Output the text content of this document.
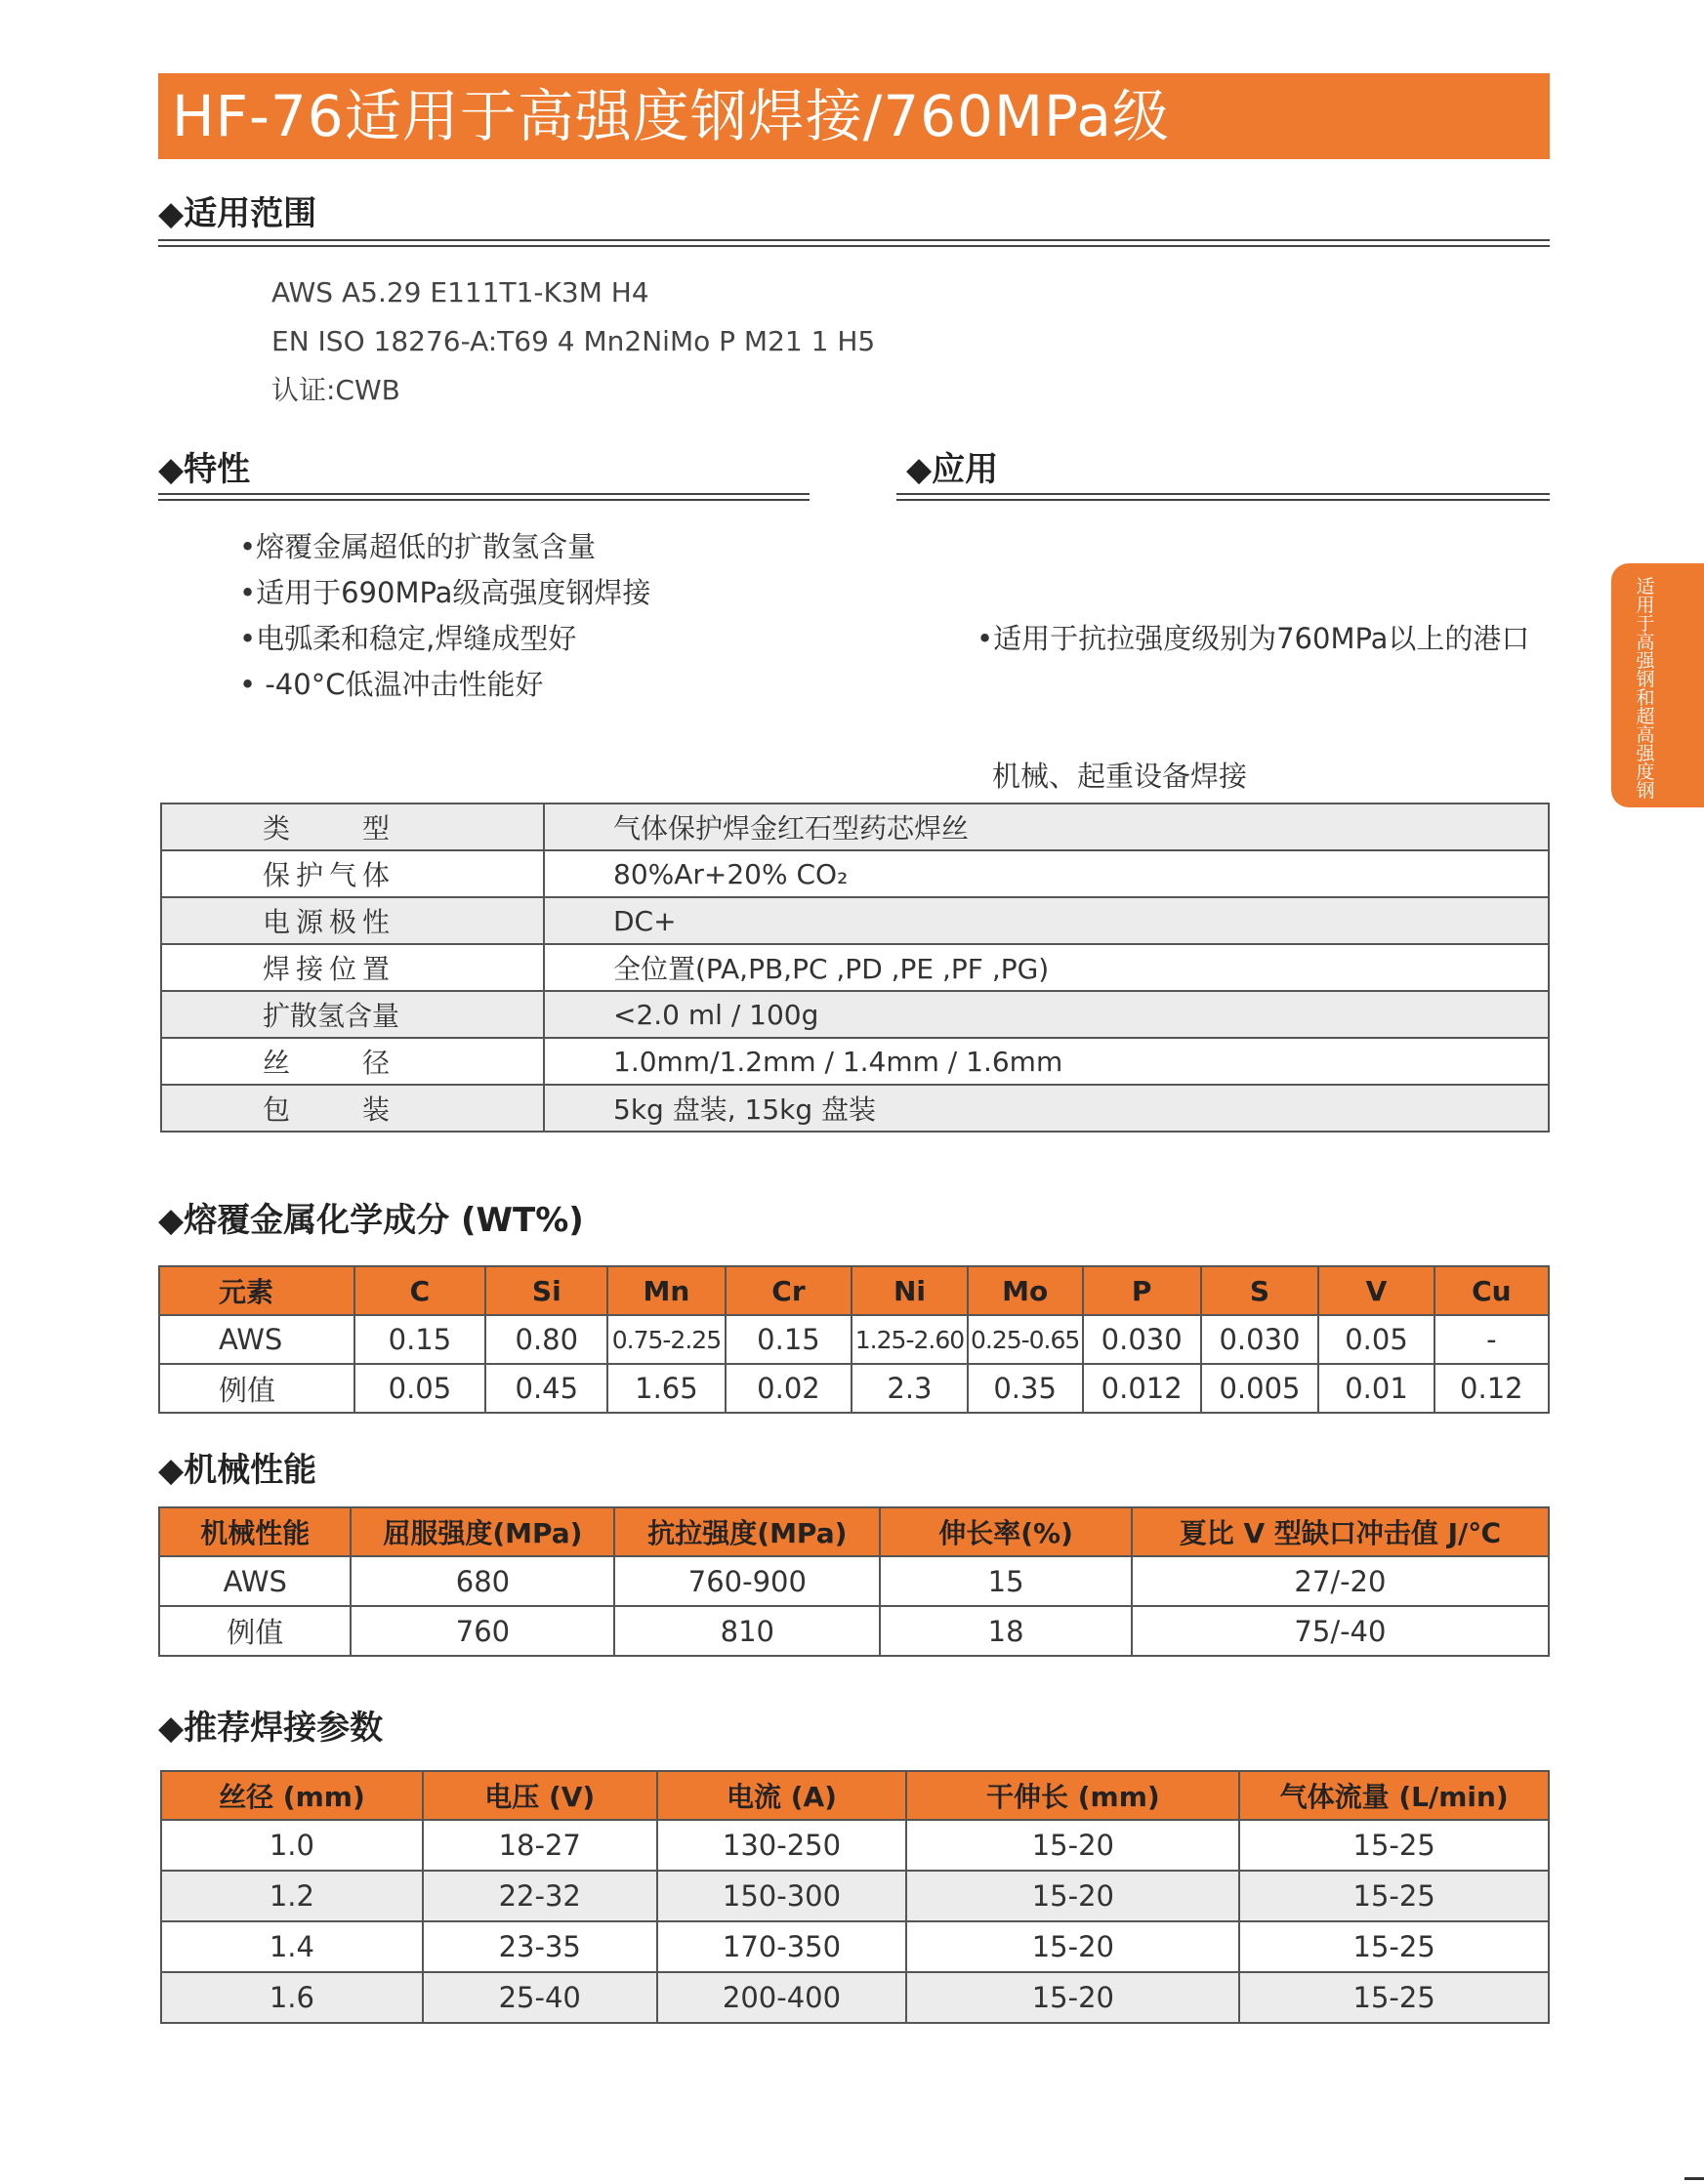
HF-76适用于高强度钢焊接/760MPa级
◆适用范围
AWS A5.29 E111T1-K3M H4
EN ISO 18276-A:T69 4 Mn2NiMo P M21 1 H5
认证:CWB
◆特性
•熔覆金属超低的扩散氢含量
•适用于690MPa级高强度钢焊接
•电弧柔和稳定,焊缝成型好
• -40°C低温冲击性能好
◆应用

•适用于抗拉强度级别为760MPa以上的港口

机械、起重设备焊接

类　　型	气体保护焊金红石型药芯焊丝
保护气体	80%Ar+20% CO₂
电源极性	DC+
焊接位置	全位置(PA,PB,PC ,PD ,PE ,PF ,PG)
扩散氢含量	<2.0 ml / 100g
丝　　径	1.0mm/1.2mm / 1.4mm / 1.6mm
包　　装	5kg 盘装, 15kg 盘装
◆熔覆金属化学成分 (WT%)
元素	C	Si	Mn	Cr	Ni	Mo	P	S	V	Cu
AWS	0.15	0.80	0.75-2.25	0.15	1.25-2.60	0.25-0.65	0.030	0.030	0.05	-
例值	0.05	0.45	1.65	0.02	2.3	0.35	0.012	0.005	0.01	0.12
◆机械性能
机械性能	屈服强度(MPa)	抗拉强度(MPa)	伸长率(%)	夏比 V 型缺口冲击值 J/℃
AWS	680	760-900	15	27/-20
例值	760	810	18	75/-40
◆推荐焊接参数
丝径 (mm)	电压 (V)	电流 (A)	干伸长 (mm)	气体流量 (L/min)
1.0	18-27	130-250	15-20	15-25
1.2	22-32	150-300	15-20	15-25
1.4	23-35	170-350	15-20	15-25
1.6	25-40	200-400	15-20	15-25
适用于高强钢和超高强度钢
